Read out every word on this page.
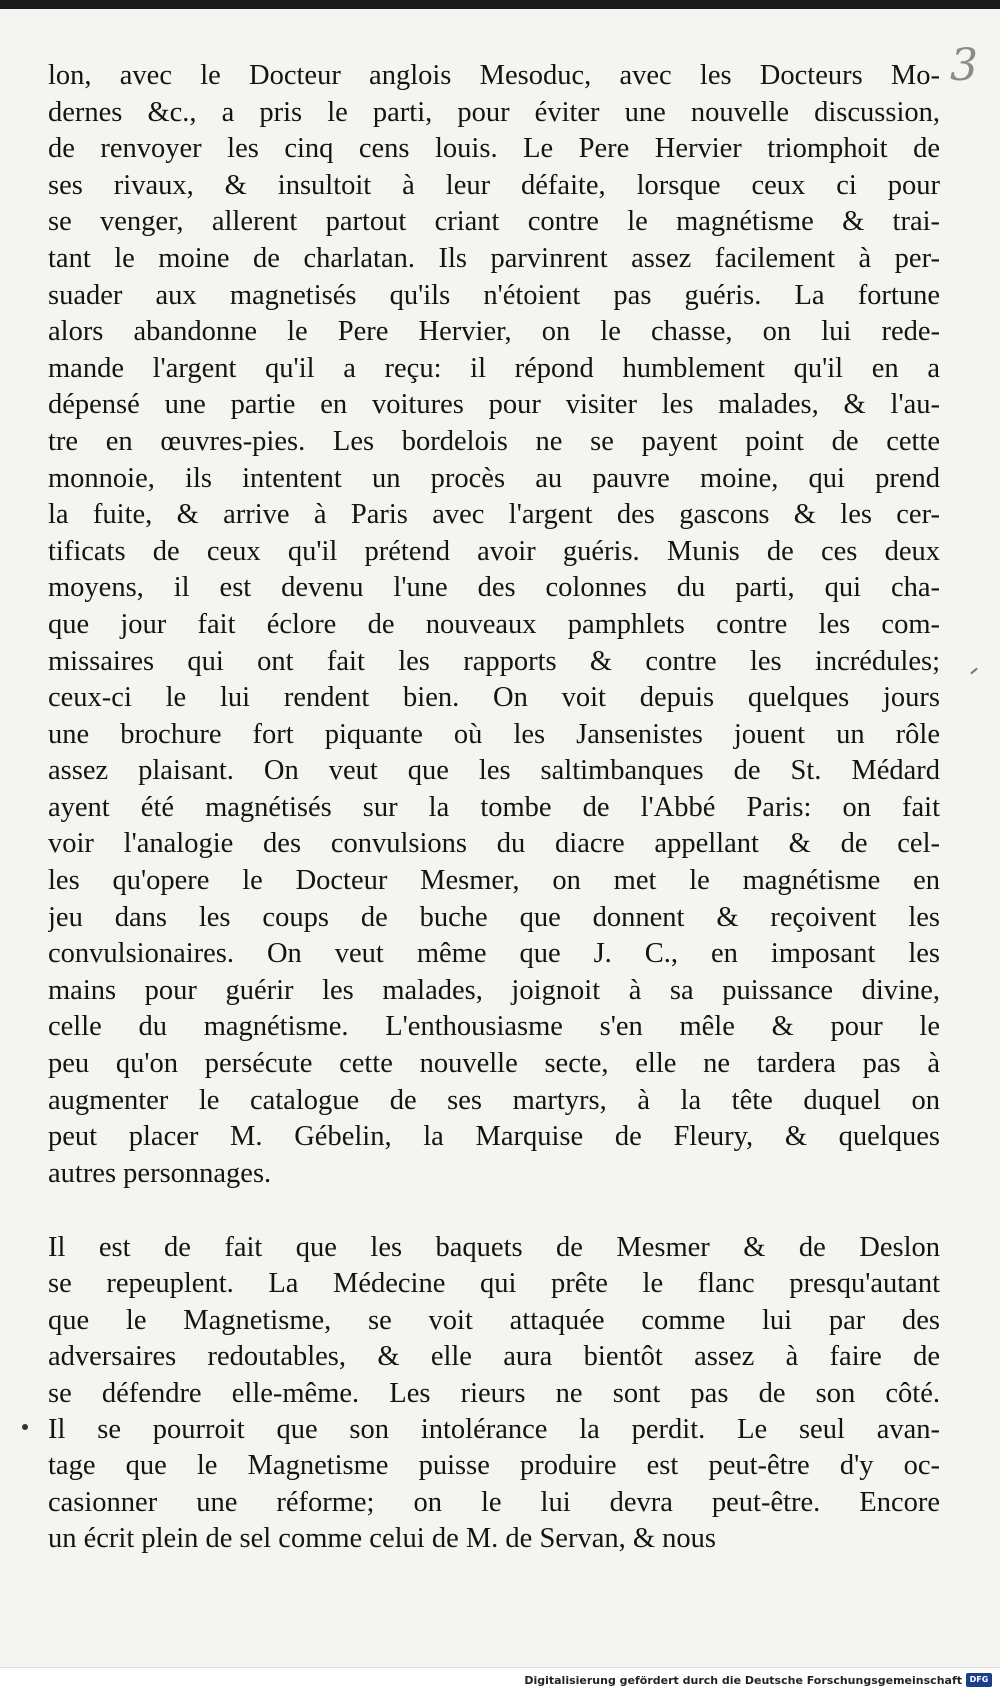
3
lon, avec le Docteur anglois Mesoduc, avec les Docteurs Mo-
dernes &c., a pris le parti, pour éviter une nouvelle discussion,
de renvoyer les cinq cens louis. Le Pere Hervier triomphoit de
ses rivaux, & insultoit à leur défaite, lorsque ceux ci pour
se venger, allerent partout criant contre le magnétisme & trai-
tant le moine de charlatan. Ils parvinrent assez facilement à per-
suader aux magnetisés qu'ils n'étoient pas guéris. La fortune
alors abandonne le Pere Hervier, on le chasse, on lui rede-
mande l'argent qu'il a reçu: il répond humblement qu'il en a
dépensé une partie en voitures pour visiter les malades, & l'au-
tre en œuvres-pies. Les bordelois ne se payent point de cette
monnoie, ils intentent un procès au pauvre moine, qui prend
la fuite, & arrive à Paris avec l'argent des gascons & les cer-
tificats de ceux qu'il prétend avoir guéris. Munis de ces deux
moyens, il est devenu l'une des colonnes du parti, qui cha-
que jour fait éclore de nouveaux pamphlets contre les com-
missaires qui ont fait les rapports & contre les incrédules;
ceux-ci le lui rendent bien. On voit depuis quelques jours
une brochure fort piquante où les Jansenistes jouent un rôle
assez plaisant. On veut que les saltimbanques de St. Médard
ayent été magnétisés sur la tombe de l'Abbé Paris: on fait
voir l'analogie des convulsions du diacre appellant & de cel-
les qu'opere le Docteur Mesmer, on met le magnétisme en
jeu dans les coups de buche que donnent & reçoivent les
convulsionaires. On veut même que J. C., en imposant les
mains pour guérir les malades, joignoit à sa puissance divine,
celle du magnétisme. L'enthousiasme s'en mêle & pour le
peu qu'on persécute cette nouvelle secte, elle ne tardera pas à
augmenter le catalogue de ses martyrs, à la tête duquel on
peut placer M. Gébelin, la Marquise de Fleury, & quelques
autres personnages.
Il est de fait que les baquets de Mesmer & de Deslon
se repeuplent. La Médecine qui prête le flanc presqu'autant
que le Magnetisme, se voit attaquée comme lui par des
adversaires redoutables, & elle aura bientôt assez à faire de
se défendre elle-même. Les rieurs ne sont pas de son côté.
Il se pourroit que son intolérance la perdit. Le seul avan-
tage que le Magnetisme puisse produire est peut-être d'y oc-
casionner une réforme; on le lui devra peut-être. Encore
un écrit plein de sel comme celui de M. de Servan, & nous
Digitalisierung gefördert durch die Deutsche Forschungsgemeinschaft DFG
